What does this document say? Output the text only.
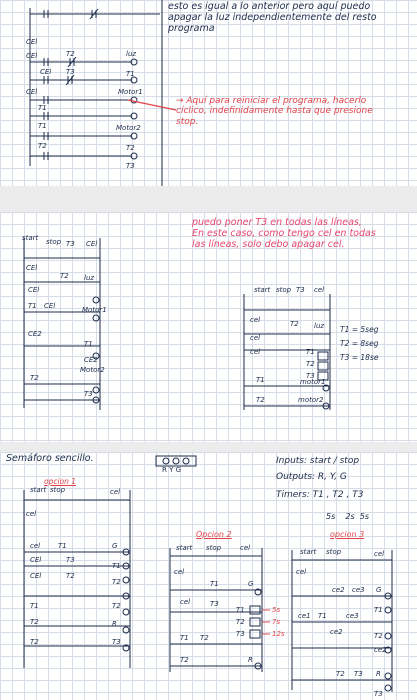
CEl
CEl
CEl
T2	luz
CEl
T3	T1
T1
Motor1
T1
T2
Motor2
T2
T3
esto es igual a lo anterior pero aquí puedo
apagar la luz independientemente del resto
programa
→ Aquí para reiniciar el programa, hacerlo
cíclico, indefinidamente hasta que presione
stop.
start stop T3 CEl
CEl
T2
CEl
luz
T1 CEl	Motor1
CE2
T1
CE2
Motor2
T2
T3
start stop T3 cel
cel
cel
T2 luz
cel	T1
T2
T3
T1	motor1
T2	motor2
puedo poner T3 en todas las líneas,
En este caso, como tengo cel en todas
las líneas, solo debo apagar cel.
T1 = 5seg
T2 = 8seg
T3 = 18se
start stop	cel
cel
cel	T1	G
CEl	T3
T1
CEl	T2
T2
T1	T2
T2	R
T2	T3
start stop	cel
cel
G
T1
cel	T3
T1
T2
T3
T1 T2
R
T2
5s
7s
12s
start stop	cel
cel
ce2 ce3 G
T1
ce1 T1	ce3
T2
ce2
ce2
T2 T3 R
T3
Semáforo sencillo.
R Y G
Inputs: start / stop
Outputs: R, Y, G
Timers: T1 , T2 , T3
5s    2s  5s
opcion 1
Opcion 2	opcion 3
